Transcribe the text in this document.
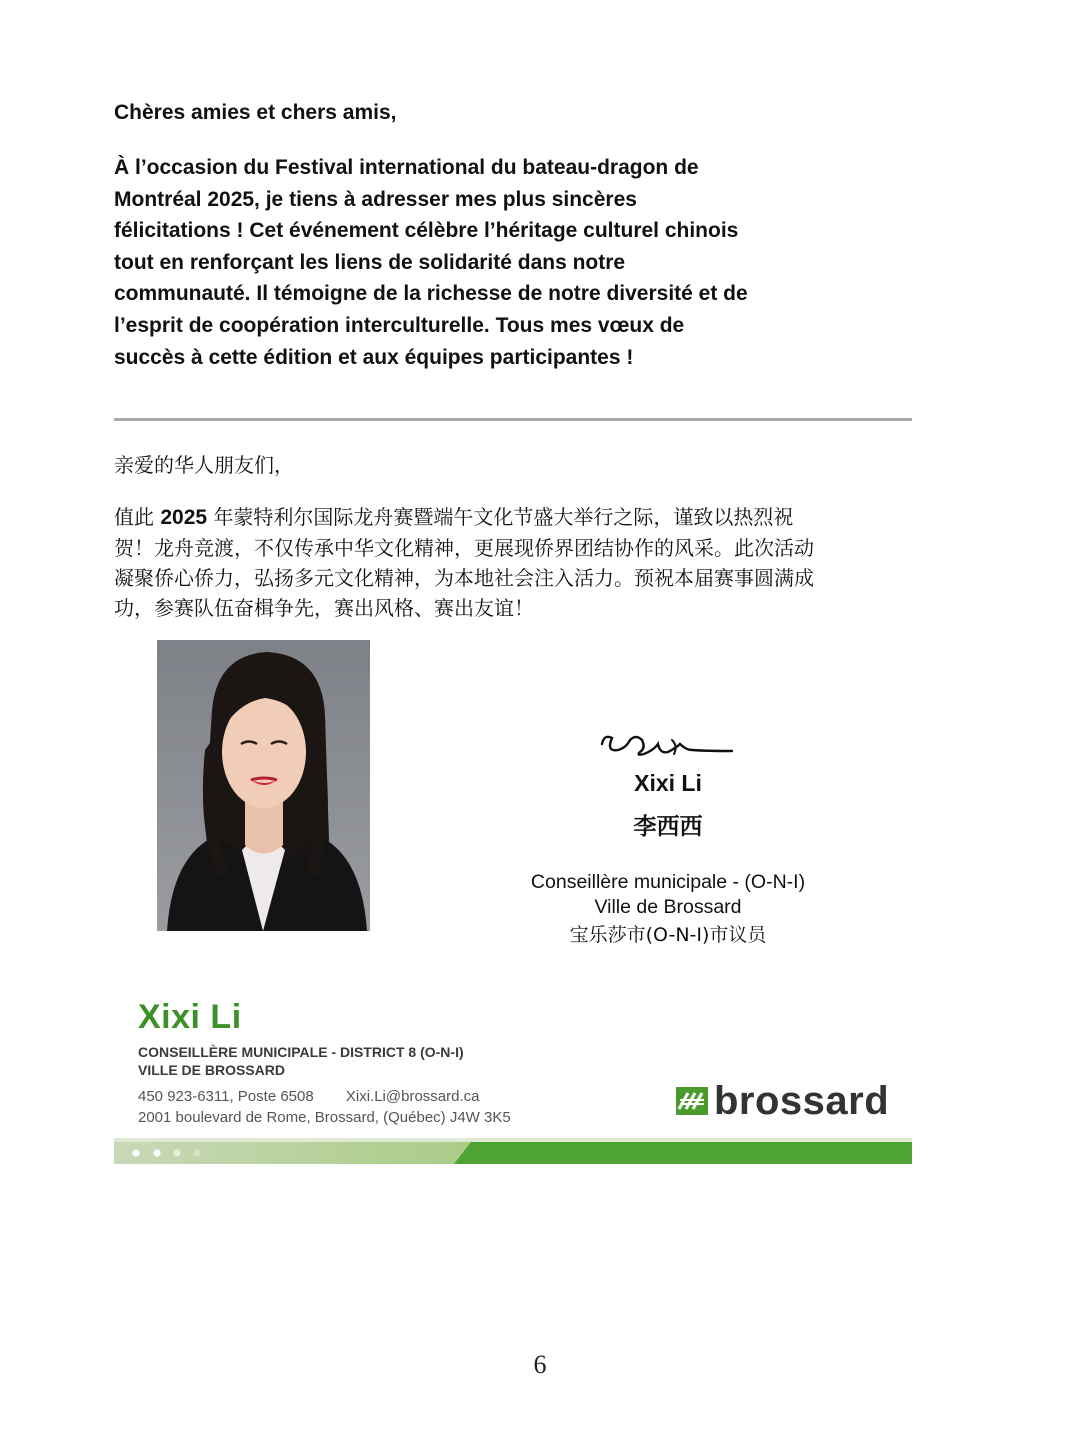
Chères amies et chers amis,

À l’occasion du Festival international du bateau-dragon de
Montréal 2025, je tiens à adresser mes plus sincères
félicitations ! Cet événement célèbre l’héritage culturel chinois
tout en renforçant les liens de solidarité dans notre
communauté. Il témoigne de la richesse de notre diversité et de
l’esprit de coopération interculturelle. Tous mes vœux de
succès à cette édition et aux équipes participantes !

亲爱的华人朋友们，

值此 2025 年蒙特利尔国际龙舟赛暨端午文化节盛大举行之际，谨致以热烈祝
贺！龙舟竞渡，不仅传承中华文化精神，更展现侨界团结协作的风采。此次活动
凝聚侨心侨力，弘扬多元文化精神，为本地社会注入活力。预祝本届赛事圆满成
功，参赛队伍奋楫争先，赛出风格、赛出友谊！

Xixi Li
李西西
Conseillère municipale - (O-N-I)
Ville de Brossard
宝乐莎市(O-N-I)市议员
Xixi Li
CONSEILLÈRE MUNICIPALE - DISTRICT 8 (O-N-I)
VILLE DE BROSSARD
450 923-6311, Poste 6508 Xixi.Li@brossard.ca
2001 boulevard de Rome, Brossard, (Québec) J4W 3K5	brossard
6
